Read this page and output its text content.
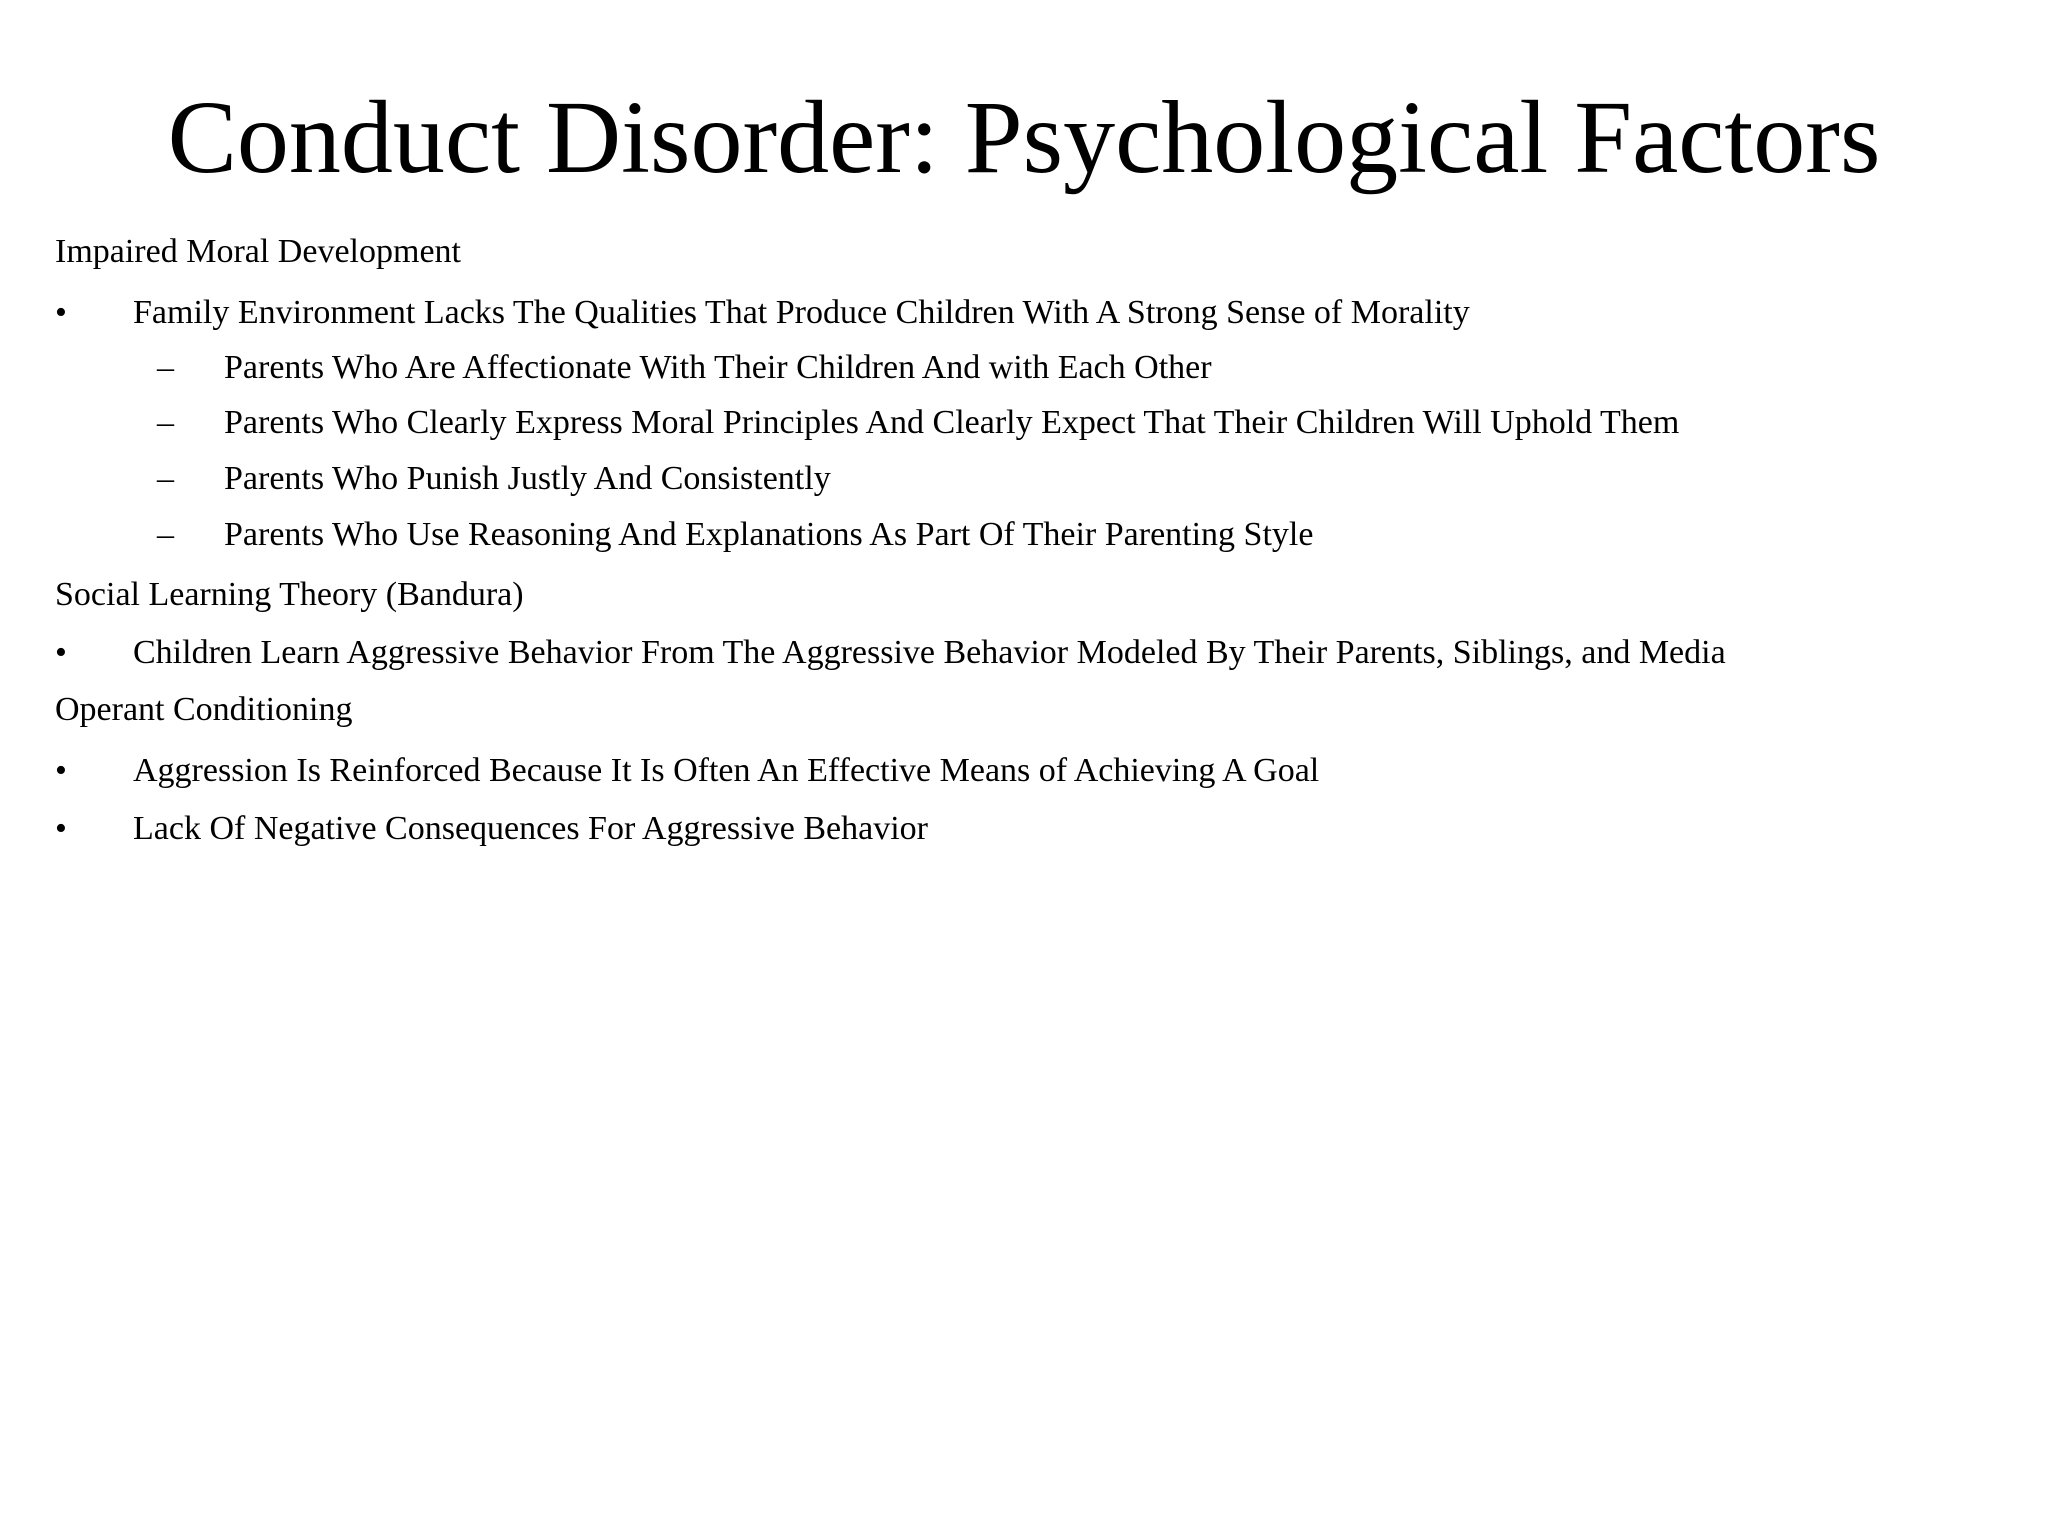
Conduct Disorder: Psychological Factors
Impaired Moral Development
• Family Environment Lacks The Qualities That Produce Children With A Strong Sense of Morality
– Parents Who Are Affectionate With Their Children And with Each Other
– Parents Who Clearly Express Moral Principles And Clearly Expect That Their Children Will Uphold Them
– Parents Who Punish Justly And Consistently
– Parents Who Use Reasoning And Explanations As Part Of Their Parenting Style
Social Learning Theory (Bandura)
• Children Learn Aggressive Behavior From The Aggressive Behavior Modeled By Their Parents, Siblings, and Media
Operant Conditioning
• Aggression Is Reinforced Because It Is Often An Effective Means of Achieving A Goal
• Lack Of Negative Consequences For Aggressive Behavior
